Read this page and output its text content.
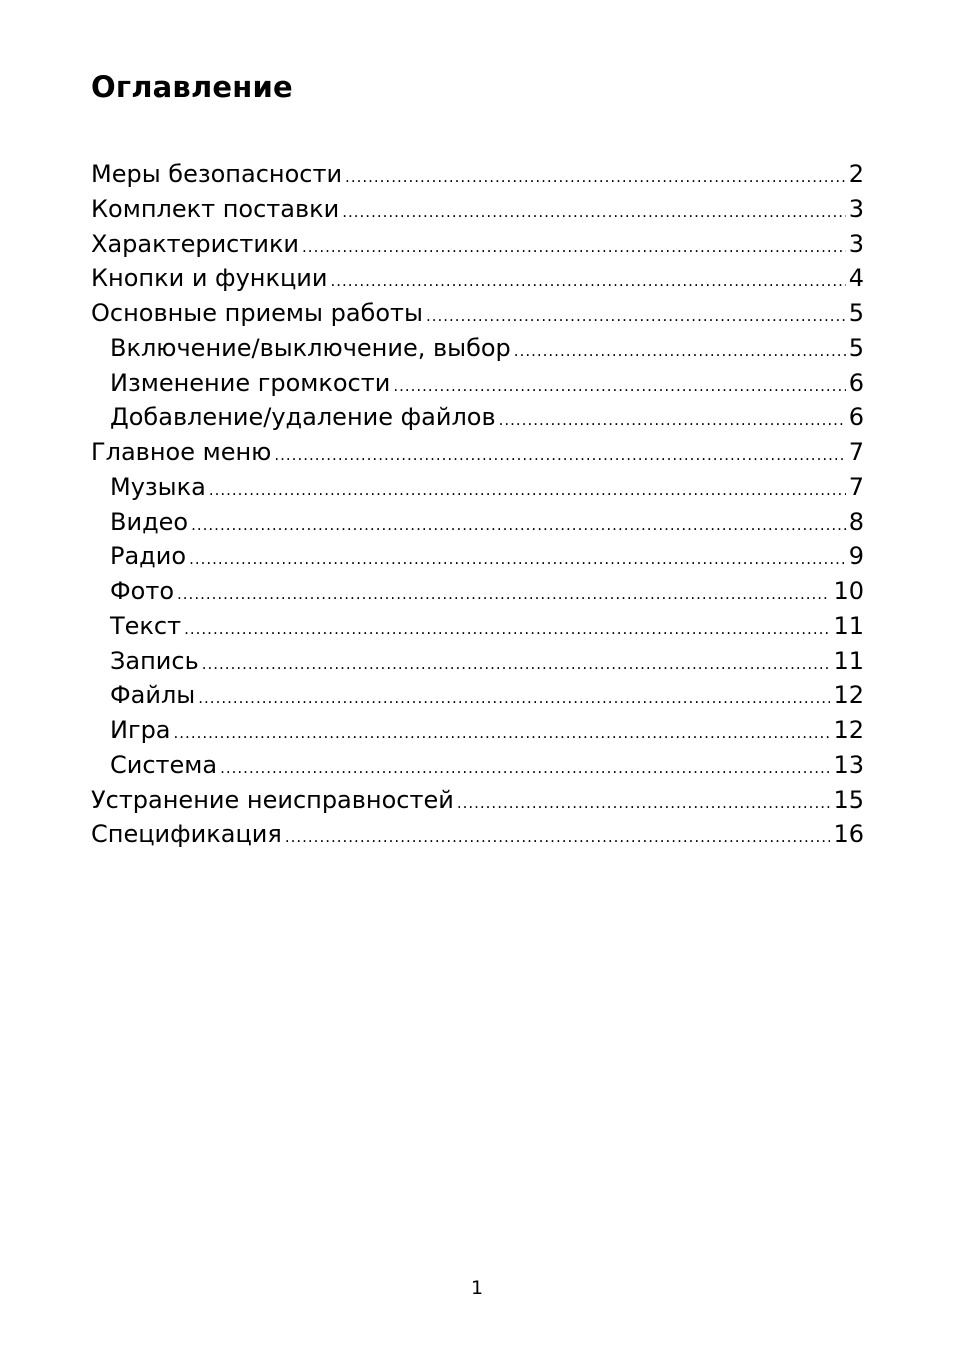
Оглавление
Меры безопасности .....	2
Комплект поставки .....	3
Характеристики .....	3
Кнопки и функции .....	4
Основные приемы работы .....	5
Включение/выключение, выбор .....	5
Изменение громкости .....	6
Добавление/удаление файлов .....	6
Главное меню .....	7
Музыка .....	7
Видео .....	8
Радио .....	9
Фото .....	10
Текст .....	11
Запись .....	11
Файлы .....	12
Игра .....	12
Система .....	13
Устранение неисправностей .....	15
Спецификация .....	16
1
